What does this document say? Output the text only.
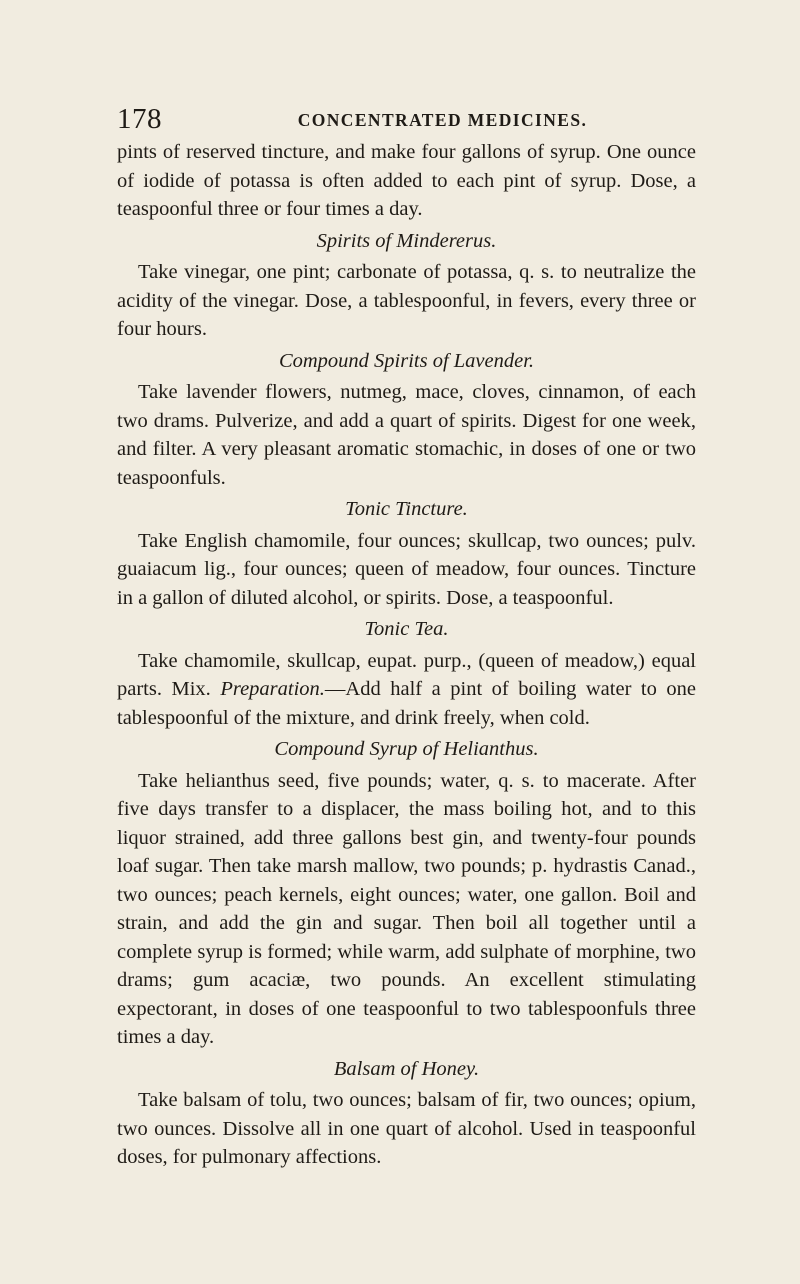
178	CONCENTRATED MEDICINES.

pints of reserved tincture, and make four gallons of syrup. One ounce of iodide of potassa is often added to each pint of syrup. Dose, a teaspoonful three or four times a day.

Spirits of Mindererus.

Take vinegar, one pint; carbonate of potassa, q. s. to neutralize the acidity of the vinegar. Dose, a tablespoonful, in fevers, every three or four hours.

Compound Spirits of Lavender.

Take lavender flowers, nutmeg, mace, cloves, cinnamon, of each two drams. Pulverize, and add a quart of spirits. Digest for one week, and filter. A very pleasant aromatic stomachic, in doses of one or two teaspoonfuls.

Tonic Tincture.

Take English chamomile, four ounces; skullcap, two ounces; pulv. guaiacum lig., four ounces; queen of meadow, four ounces. Tincture in a gallon of diluted alcohol, or spirits. Dose, a teaspoonful.

Tonic Tea.

Take chamomile, skullcap, eupat. purp., (queen of meadow,) equal parts. Mix. Preparation.—Add half a pint of boiling water to one tablespoonful of the mixture, and drink freely, when cold.

Compound Syrup of Helianthus.

Take helianthus seed, five pounds; water, q. s. to macerate. After five days transfer to a displacer, the mass boiling hot, and to this liquor strained, add three gallons best gin, and twenty-four pounds loaf sugar. Then take marsh mallow, two pounds; p. hydrastis Canad., two ounces; peach kernels, eight ounces; water, one gallon. Boil and strain, and add the gin and sugar. Then boil all together until a complete syrup is formed; while warm, add sulphate of morphine, two drams; gum acaciæ, two pounds. An excellent stimulating expectorant, in doses of one teaspoonful to two tablespoonfuls three times a day.

Balsam of Honey.

Take balsam of tolu, two ounces; balsam of fir, two ounces; opium, two ounces. Dissolve all in one quart of alcohol. Used in teaspoonful doses, for pulmonary affections.
